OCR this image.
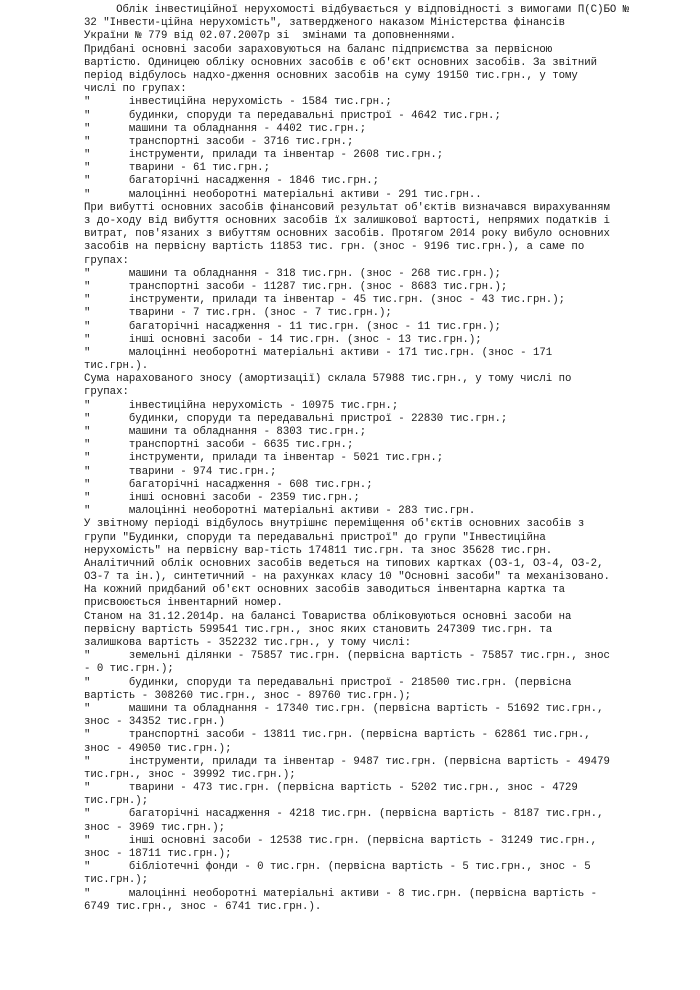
Облік інвестиційної нерухомості відбувається у відповідності з вимогами П(С)БО №
32 "Інвести-ційна нерухомість", затвердженого наказом Міністерства фінансів
України № 779 від 02.07.2007р зі  змінами та доповненнями.
Придбані основні засоби зараховуються на баланс підприємства за первісною
вартістю. Одиницею обліку основних засобів є об'єкт основних засобів. За звітний
період відбулось надхо-дження основних засобів на суму 19150 тис.грн., у тому
числі по групах:
"      інвестиційна нерухомість - 1584 тис.грн.;
"      будинки, споруди та передавальні пристрої - 4642 тис.грн.;
"      машини та обладнання - 4402 тис.грн.;
"      транспортні засоби - 3716 тис.грн.;
"      інструменти, прилади та інвентар - 2608 тис.грн.;
"      тварини - 61 тис.грн.;
"      багаторічні насадження - 1846 тис.грн.;
"      малоцінні необоротні матеріальні активи - 291 тис.грн..
При вибутті основних засобів фінансовий результат об'єктів визначався вирахуванням
з до-ходу від вибуття основних засобів їх залишкової вартості, непрямих податків і
витрат, пов'язаних з вибуттям основних засобів. Протягом 2014 року вибуло основних
засобів на первісну вартість 11853 тис. грн. (знос - 9196 тис.грн.), а саме по
групах:
"      машини та обладнання - 318 тис.грн. (знос - 268 тис.грн.);
"      транспортні засоби - 11287 тис.грн. (знос - 8683 тис.грн.);
"      інструменти, прилади та інвентар - 45 тис.грн. (знос - 43 тис.грн.);
"      тварини - 7 тис.грн. (знос - 7 тис.грн.);
"      багаторічні насадження - 11 тис.грн. (знос - 11 тис.грн.);
"      інші основні засоби - 14 тис.грн. (знос - 13 тис.грн.);
"      малоцінні необоротні матеріальні активи - 171 тис.грн. (знос - 171
тис.грн.).
Сума нарахованого зносу (амортизації) склала 57988 тис.грн., у тому числі по
групах:
"      інвестиційна нерухомість - 10975 тис.грн.;
"      будинки, споруди та передавальні пристрої - 22830 тис.грн.;
"      машини та обладнання - 8303 тис.грн.;
"      транспортні засоби - 6635 тис.грн.;
"      інструменти, прилади та інвентар - 5021 тис.грн.;
"      тварини - 974 тис.грн.;
"      багаторічні насадження - 608 тис.грн.;
"      інші основні засоби - 2359 тис.грн.;
"      малоцінні необоротні матеріальні активи - 283 тис.грн.
У звітному періоді відбулось внутрішнє переміщення об'єктів основних засобів з
групи "Будинки, споруди та передавальні пристрої" до групи "Інвестиційна
нерухомість" на первісну вар-тість 174811 тис.грн. та знос 35628 тис.грн.
Аналітичний облік основних засобів ведеться на типових картках (ОЗ-1, ОЗ-4, ОЗ-2,
ОЗ-7 та ін.), синтетичний - на рахунках класу 10 "Основні засоби" та механізовано.
На кожний придбаний об'єкт основних засобів заводиться інвентарна картка та
присвоюється інвентарний номер.
Станом на 31.12.2014р. на балансі Товариства обліковуються основні засоби на
первісну вартість 599541 тис.грн., знос яких становить 247309 тис.грн. та
залишкова вартість - 352232 тис.грн., у тому числі:
"      земельні ділянки - 75857 тис.грн. (первісна вартість - 75857 тис.грн., знос
- 0 тис.грн.);
"      будинки, споруди та передавальні пристрої - 218500 тис.грн. (первісна
вартість - 308260 тис.грн., знос - 89760 тис.грн.);
"      машини та обладнання - 17340 тис.грн. (первісна вартість - 51692 тис.грн.,
знос - 34352 тис.грн.)
"      транспортні засоби - 13811 тис.грн. (первісна вартість - 62861 тис.грн.,
знос - 49050 тис.грн.);
"      інструменти, прилади та інвентар - 9487 тис.грн. (первісна вартість - 49479
тис.грн., знос - 39992 тис.грн.);
"      тварини - 473 тис.грн. (первісна вартість - 5202 тис.грн., знос - 4729
тис.грн.);
"      багаторічні насадження - 4218 тис.грн. (первісна вартість - 8187 тис.грн.,
знос - 3969 тис.грн.);
"      інші основні засоби - 12538 тис.грн. (первісна вартість - 31249 тис.грн.,
знос - 18711 тис.грн.);
"      бібліотечні фонди - 0 тис.грн. (первісна вартість - 5 тис.грн., знос - 5
тис.грн.);
"      малоцінні необоротні матеріальні активи - 8 тис.грн. (первісна вартість -
6749 тис.грн., знос - 6741 тис.грн.).
